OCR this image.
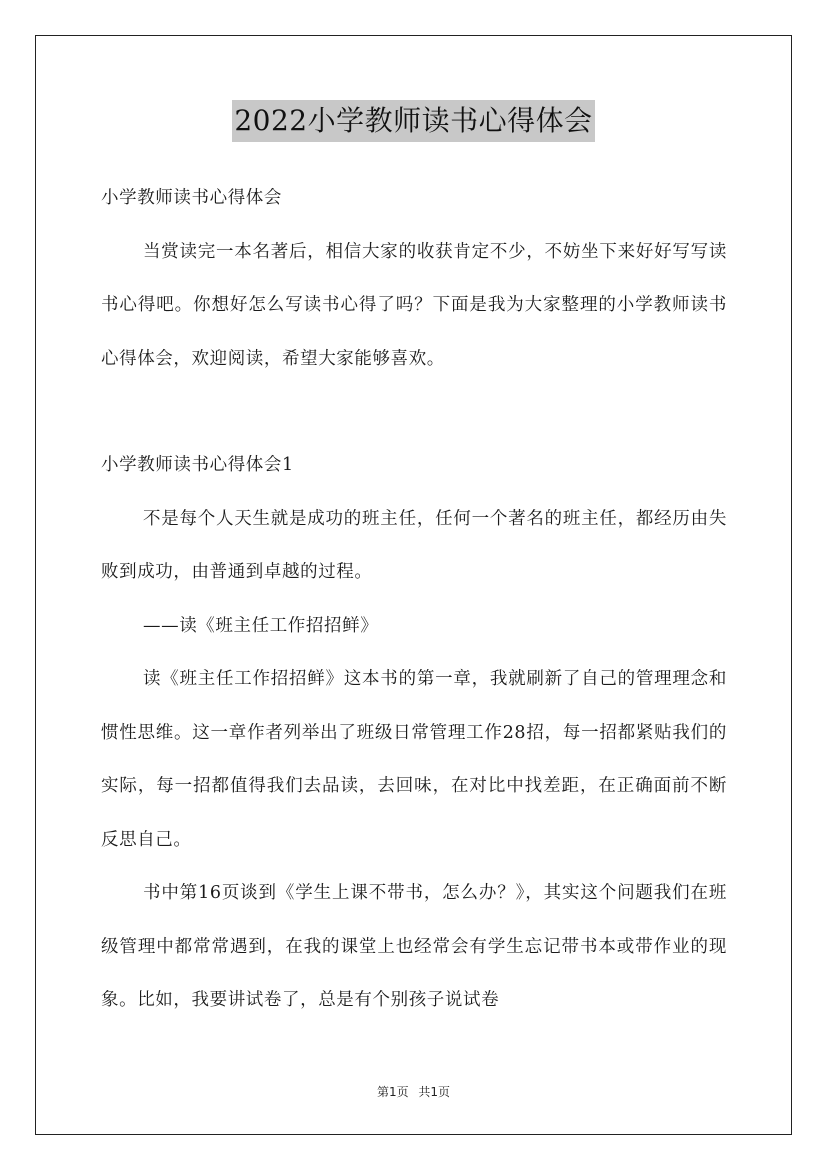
2022小学教师读书心得体会

小学教师读书心得体会

当赏读完一本名著后，相信大家的收获肯定不少，不妨坐下来好好写写读书心得吧。你想好怎么写读书心得了吗？下面是我为大家整理的小学教师读书心得体会，欢迎阅读，希望大家能够喜欢。

小学教师读书心得体会1

不是每个人天生就是成功的班主任，任何一个著名的班主任，都经历由失败到成功，由普通到卓越的过程。

——读《班主任工作招招鲜》

读《班主任工作招招鲜》这本书的第一章，我就刷新了自己的管理理念和惯性思维。这一章作者列举出了班级日常管理工作28招，每一招都紧贴我们的实际，每一招都值得我们去品读，去回味，在对比中找差距，在正确面前不断反思自己。

书中第16页谈到《学生上课不带书，怎么办？》，其实这个问题我们在班级管理中都常常遇到，在我的课堂上也经常会有学生忘记带书本或带作业的现象。比如，我要讲试卷了，总是有个别孩子说试卷

第1页 共1页
